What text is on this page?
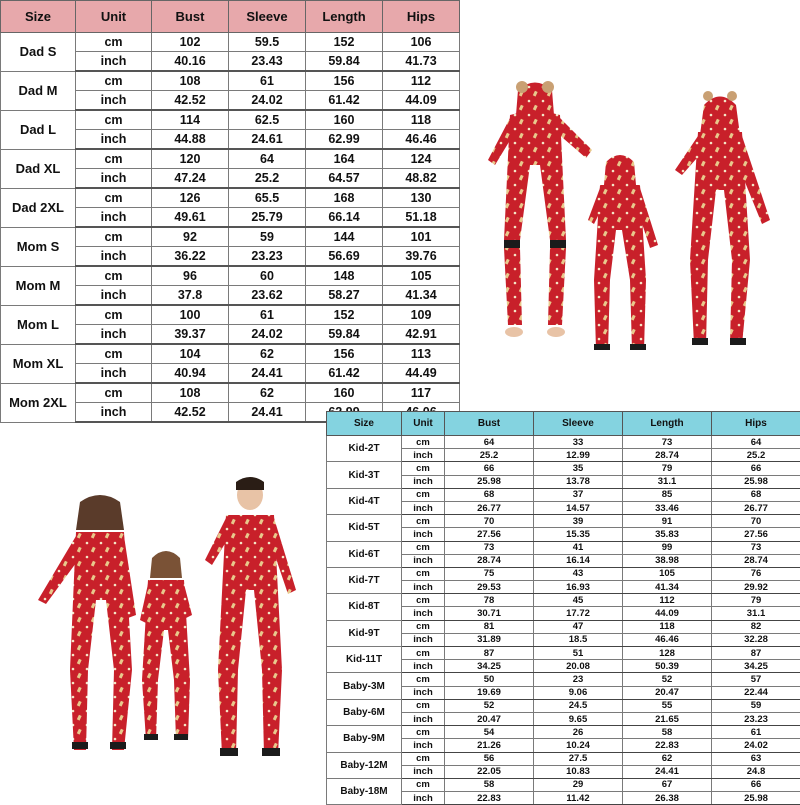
Size	Unit	Bust	Sleeve	Length	Hips
Dad S	cm	102	59.5	152	106
	inch	40.16	23.43	59.84	41.73
Dad M	cm	108	61	156	112
	inch	42.52	24.02	61.42	44.09
Dad L	cm	114	62.5	160	118
	inch	44.88	24.61	62.99	46.46
Dad XL	cm	120	64	164	124
	inch	47.24	25.2	64.57	48.82
Dad 2XL	cm	126	65.5	168	130
	inch	49.61	25.79	66.14	51.18
Mom S	cm	92	59	144	101
	inch	36.22	23.23	56.69	39.76
Mom M	cm	96	60	148	105
	inch	37.8	23.62	58.27	41.34
Mom L	cm	100	61	152	109
	inch	39.37	24.02	59.84	42.91
Mom XL	cm	104	62	156	113
	inch	40.94	24.41	61.42	44.49
Mom 2XL	cm	108	62	160	117
	inch	42.52	24.41		
Size	Unit	Bust	Sleeve	Length	Hips
Kid-2T	cm	64	33	73	64
	inch	25.2	12.99	28.74	25.2
Kid-3T	cm	66	35	79	66
	inch	25.98	13.78	31.1	25.98
Kid-4T	cm	68	37	85	68
	inch	26.77	14.57	33.46	26.77
Kid-5T	cm	70	39	91	70
	inch	27.56	15.35	35.83	27.56
Kid-6T	cm	73	41	99	73
	inch	28.74	16.14	38.98	28.74
Kid-7T	cm	75	43	105	76
	inch	29.53	16.93	41.34	29.92
Kid-8T	cm	78	45	112	79
	inch	30.71	17.72	44.09	31.1
Kid-9T	cm	81	47	118	82
	inch	31.89	18.5	46.46	32.28
Kid-11T	cm	87	51	128	87
	inch	34.25	20.08	50.39	34.25
Baby-3M	cm	50	23	52	57
	inch	19.69	9.06	20.47	22.44
Baby-6M	cm	52	24.5	55	59
	inch	20.47	9.65	21.65	23.23
Baby-9M	cm	54	26	58	61
	inch	21.26	10.24	22.83	24.02
Baby-12M	cm	56	27.5	62	63
	inch	22.05	10.83	24.41	24.8
Baby-18M	cm	58	29	67	66
	inch	22.83	11.42	26.38	25.98
